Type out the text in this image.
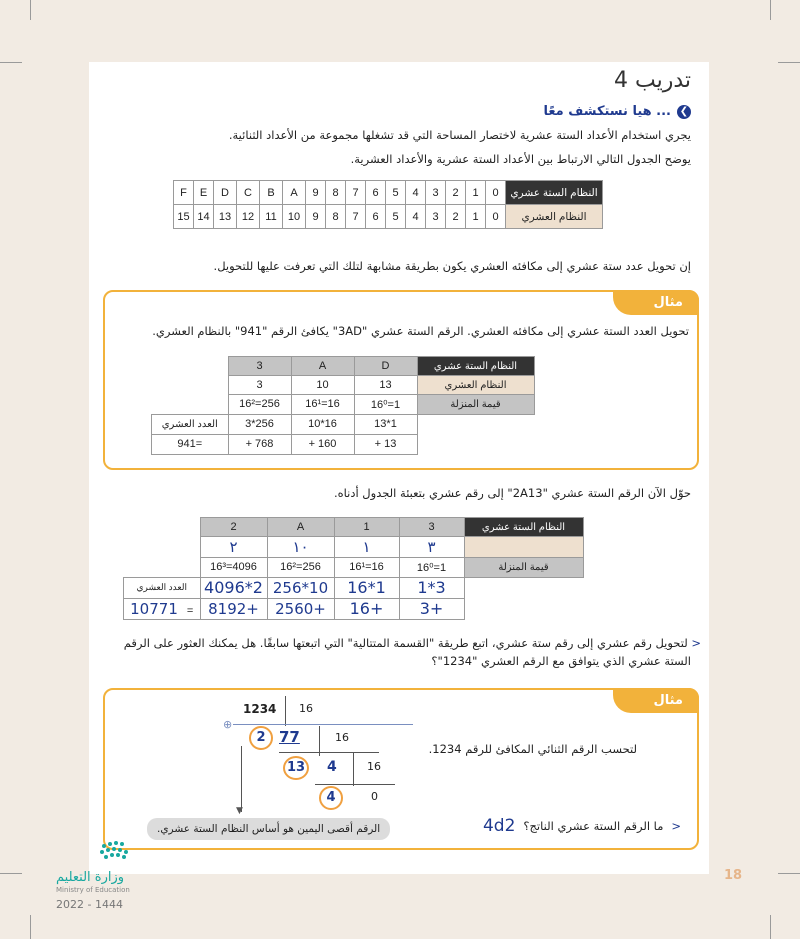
تدريب 4
هيا نستكشف معًا ... ❮
يجري استخدام الأعداد الستة عشرية لاختصار المساحة التي قد تشغلها مجموعة من الأعداد الثنائية.
يوضح الجدول التالي الارتباط بين الأعداد الستة عشرية والأعداد العشرية.
F	E	D	C	B	A	9	8	7	6	5	4	3	2	1	0	النظام الستة عشري
15	14	13	12	11	10	9	8	7	6	5	4	3	2	1	0	النظام العشري
إن تحويل عدد ستة عشري إلى مكافئه العشري يكون بطريقة مشابهة لتلك التي تعرفت عليها للتحويل.
مثال
تحويل العدد الستة عشري إلى مكافئه العشري. الرقم الستة عشري "3AD" يكافئ الرقم "941" بالنظام العشري.
	3	A	D	النظام الستة عشري
	3	10	13	النظام العشري
	16²=256	16¹=16	16⁰=1	قيمة المنزلة
العدد العشري	3*256	10*16	13*1	
941=	+ 768	+ 160	+ 13	
حوّل الآن الرقم الستة عشري "2A13" إلى رقم عشري بتعبئة الجدول أدناه.
	2	A	1	3	النظام الستة عشري
	٢	١٠	١	٣	
	16³=4096	16²=256	16¹=16	16⁰=1	قيمة المنزلة
العدد العشري	4096*2	256*10	16*1	1*3	
10771 =	8192+	2560+	16+	3+	
< لتحويل رقم عشري إلى رقم ستة عشري، اتبع طريقة "القسمة المتتالية" التي اتبعتها سابقًا. هل يمكنك العثور على الرقم
الستة عشري الذي يتوافق مع الرقم العشري "1234"؟
مثال
لتحسب الرقم الثنائي المكافئ للرقم 1234.
<
ما الرقم الستة عشري الناتج؟
4d2
1234 16
⊕
2 77	16
13 4	16
4	0
▼
الرقم أقصى اليمين هو أساس النظام الستة عشري.
وزارة التعليم
Ministry of Education
2022 - 1444
18
